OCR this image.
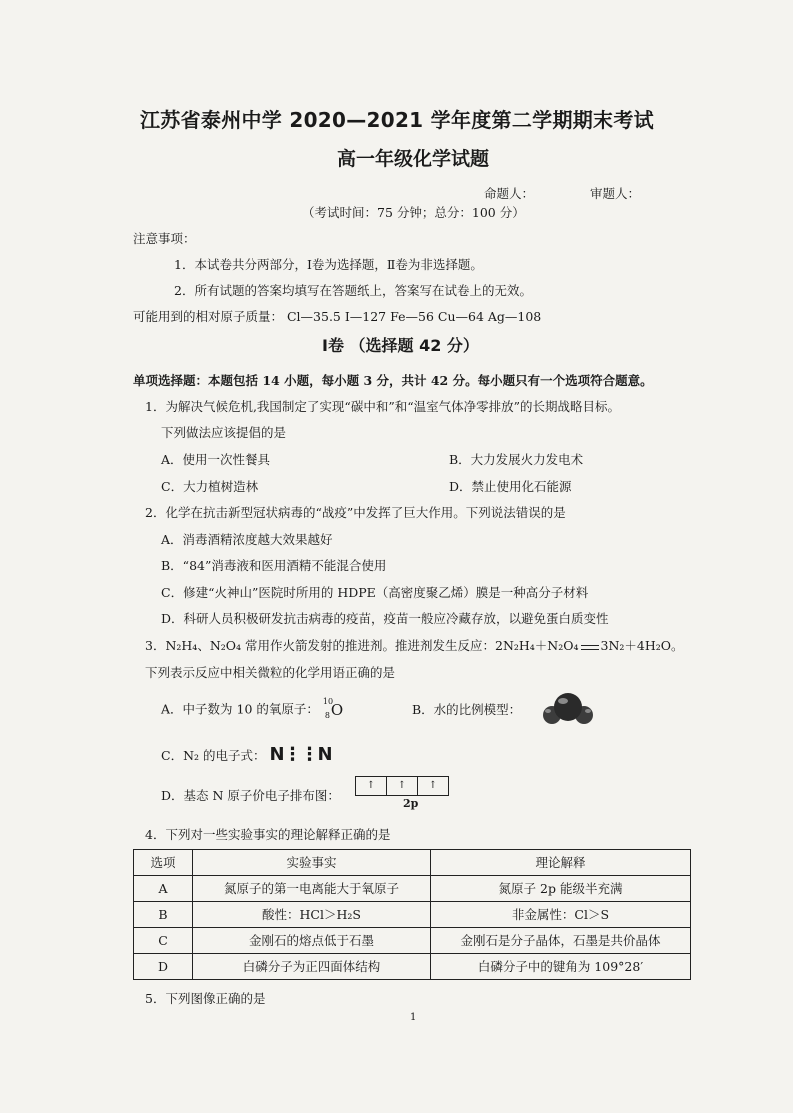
江苏省泰州中学 2020—2021 学年度第二学期期末考试
高一年级化学试题
命题人：	审题人：
（考试时间：75 分钟；总分：100 分）
注意事项：
1．本试卷共分两部分，Ⅰ卷为选择题，Ⅱ卷为非选择题。
2．所有试题的答案均填写在答题纸上，答案写在试卷上的无效。
可能用到的相对原子质量： Cl—35.5 I—127 Fe—56 Cu—64 Ag—108
Ⅰ卷 （选择题 42 分）
单项选择题：本题包括 14 小题，每小题 3 分，共计 42 分。每小题只有一个选项符合题意。
1．为解决气候危机,我国制定了实现“碳中和”和“温室气体净零排放”的长期战略目标。
下列做法应该提倡的是
A．使用一次性餐具	B．大力发展火力发电术
C．大力植树造林	D．禁止使用化石能源
2．化学在抗击新型冠状病毒的“战疫”中发挥了巨大作用。下列说法错误的是
A．消毒酒精浓度越大效果越好
B．“84”消毒液和医用酒精不能混合使用
C．修建“火神山”医院时所用的 HDPE（高密度聚乙烯）膜是一种高分子材料
D．科研人员积极研发抗击病毒的疫苗，疫苗一般应冷藏存放，以避免蛋白质变性
3．N₂H₄、N₂O₄ 常用作火箭发射的推进剂。推进剂发生反应：2N₂H₄＋N₂O₄ 3N₂＋4H₂O。
下列表示反应中相关微粒的化学用语正确的是
A．中子数为 10 的氧原子： 10
8 O	B．水的比例模型：
C．N₂ 的电子式： N⋮⋮N
D．基态 N 原子价电子排布图：
↑	↑	↑
2p
4．下列对一些实验事实的理论解释正确的是
选项	实验事实	理论解释
A	氮原子的第一电离能大于氧原子	氮原子 2p 能级半充满
B	酸性：HCl＞H₂S	非金属性：Cl＞S
C	金刚石的熔点低于石墨	金刚石是分子晶体，石墨是共价晶体
D	白磷分子为正四面体结构	白磷分子中的键角为 109°28′
5．下列图像正确的是
1
